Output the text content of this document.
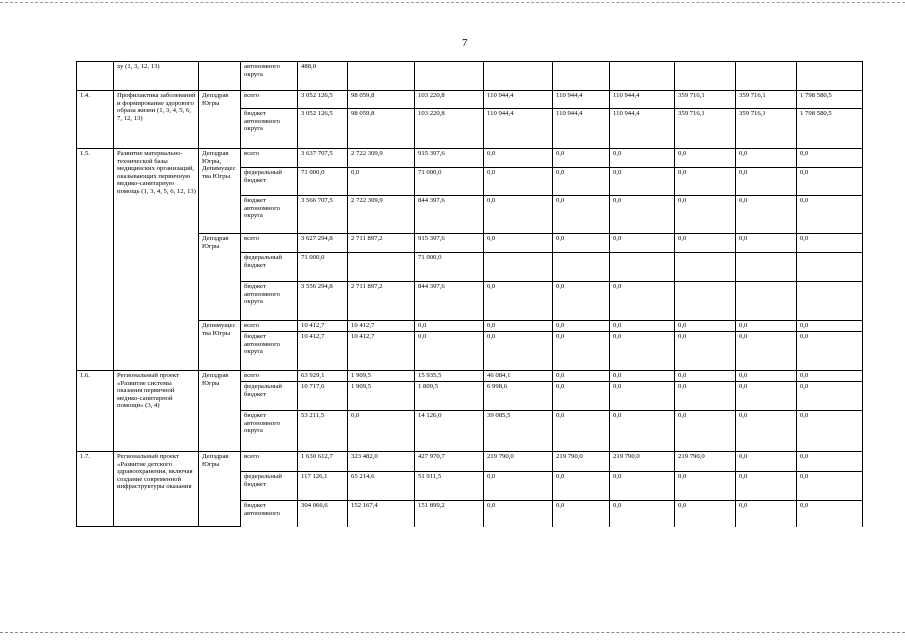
7
	ху (1, 3, 12, 13)		автономного округа	488,0								
1.4.	Профилактика заболеваний и формирование здорового образа жизни (1, 3, 4, 5, 6, 7, 12, 13)	Депздрав Югры	всего	3 052 126,5	98 059,8	103 220,8	110 944,4	110 944,4	110 944,4	359 716,1	359 716,1	1 798 580,5
			бюджет автономного округа	3 052 126,5	98 059,8	103 220,8	110 944,4	110 944,4	110 944,4	359 716,1	359 716,1	1 798 580,5
1.5.	Развитие материально-технической базы медицинских организаций, оказывающих первичную медико-санитарную помощь (1, 3, 4, 5, 6, 12, 13)	Депздрав Югры, Депимущества Югры	всего	3 637 707,5	2 722 309,9	915 397,6	0,0	0,0	0,0	0,0	0,0	0,0
			федеральный бюджет	71 000,0	0,0	71 000,0	0,0	0,0	0,0	0,0	0,0	0,0
			бюджет автономного округа	3 566 707,5	2 722 309,9	844 397,6	0,0	0,0	0,0	0,0	0,0	0,0
		Депздрав Югры	всего	3 627 294,8	2 711 897,2	915 397,6	0,0	0,0	0,0	0,0	0,0	0,0
			федеральный бюджет	71 000,0		71 000,0						
			бюджет автономного округа	3 556 294,8	2 711 897,2	844 397,6	0,0	0,0	0,0			
		Депимущества Югры	всего	10 412,7	10 412,7	0,0	0,0	0,0	0,0	0,0	0,0	0,0
			бюджет автономного округа	10 412,7	10 412,7	0,0	0,0	0,0	0,0	0,0	0,0	0,0
1.6.	Региональный проект «Развитие системы оказания первичной медико-санитарной помощи» (3, 4)	Депздрав Югры	всего	63 929,1	1 909,5	15 935,5	46 084,1	0,0	0,0	0,0	0,0	0,0
			федеральный бюджет	10 717,6	1 909,5	1 809,5	6 998,6	0,0	0,0	0,0	0,0	0,0
			бюджет автономного округа	53 211,5	0,0	14 126,0	39 085,5	0,0	0,0	0,0	0,0	0,0
1.7.	Региональный проект «Развитие детского здравоохранения, включая создание современной инфраструктуры оказания	Депздрав Югры	всего	1 630 612,7	323 482,0	427 970,7	219 790,0	219 790,0	219 790,0	219 790,0	0,0	0,0
			федеральный бюджет	117 126,1	65 214,6	51 911,5	0,0	0,0	0,0	0,0	0,0	0,0
			бюджет автономного	304 066,6	152 167,4	151 899,2	0,0	0,0	0,0	0,0	0,0	0,0
